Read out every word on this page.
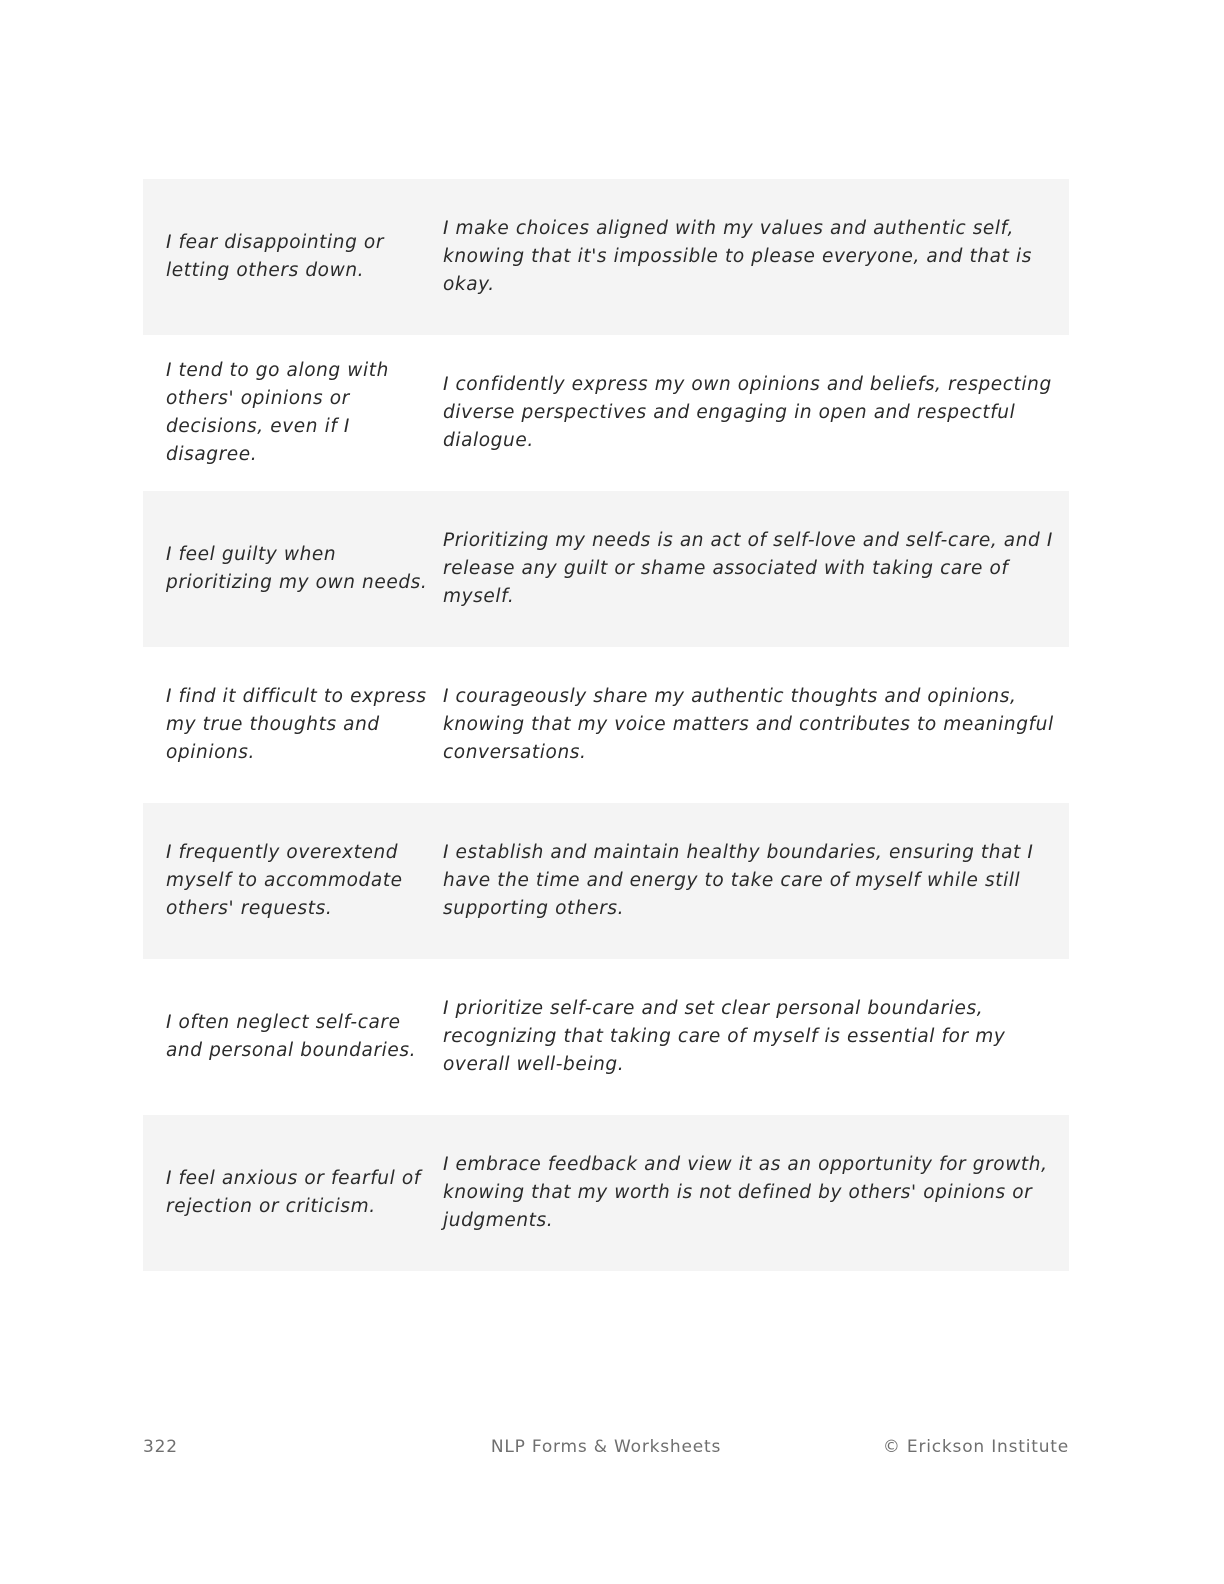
I fear disappointing or letting others down.
I make choices aligned with my values and authentic self, knowing that it's impossible to please everyone, and that is okay.
I tend to go along with others' opinions or decisions, even if I disagree.
I confidently express my own opinions and beliefs, respecting diverse perspectives and engaging in open and respectful dialogue.
I feel guilty when prioritizing my own needs.
Prioritizing my needs is an act of self-love and self-care, and I release any guilt or shame associated with taking care of myself.
I find it difficult to express my true thoughts and opinions.
I courageously share my authentic thoughts and opinions, knowing that my voice matters and contributes to meaningful conversations.
I frequently overextend myself to accommodate others' requests.
I establish and maintain healthy boundaries, ensuring that I have the time and energy to take care of myself while still supporting others.
I often neglect self-care and personal boundaries.
I prioritize self-care and set clear personal boundaries, recognizing that taking care of myself is essential for my overall well-being.
I feel anxious or fearful of rejection or criticism.
I embrace feedback and view it as an opportunity for growth, knowing that my worth is not defined by others' opinions or judgments.
322	NLP Forms & Worksheets	© Erickson Institute
